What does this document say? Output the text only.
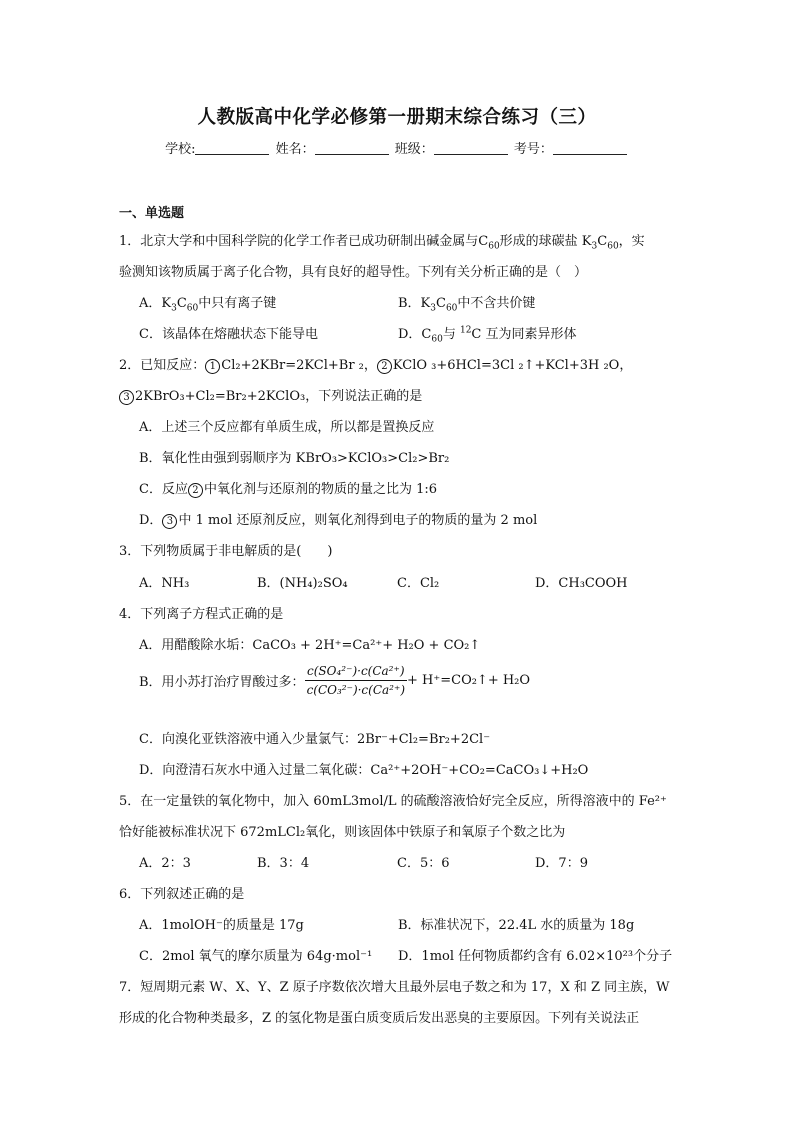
人教版高中化学必修第一册期末综合练习（三）
学校:	姓名：	班级：	考号：
一、单选题
1．北京大学和中国科学院的化学工作者已成功研制出碱金属与$C_{60}$形成的球碳盐 $K_3C_{60}$，实
验测知该物质属于离子化合物，具有良好的超导性。下列有关分析正确的是（　）
A．$K_3C_{60}$中只有离子键	B．$K_3C_{60}$中不含共价键
C．该晶体在熔融状态下能导电	D．$C_{60}$与 $^{12}$C 互为同素异形体
2．已知反应： 1 Cl₂+2KBr=2KCl+Br ₂， 2 KClO ₃+6HCl=3Cl ₂↑+KCl+3H ₂O，
3 2KBrO₃+Cl₂=Br₂+2KClO₃，下列说法正确的是
A．上述三个反应都有单质生成，所以都是置换反应
B．氧化性由强到弱顺序为 KBrO₃>KClO₃>Cl₂>Br₂
C．反应 2 中氧化剂与还原剂的物质的量之比为 1:6
D． 3 中 1 mol 还原剂反应，则氧化剂得到电子的物质的量为 2 mol
3．下列物质属于非电解质的是(　　)
A．NH₃	B．(NH₄)₂SO₄	C．Cl₂	D．CH₃COOH
4．下列离子方程式正确的是
A．用醋酸除水垢：CaCO₃ + 2H⁺=Ca²⁺+ H₂O + CO₂↑
B．用小苏打治疗胃酸过多： $\frac{\text{c(SO₄²⁻)·c(Ca²⁺)}}{\text{c(CO₃²⁻)·c(Ca²⁺)}}$ + H⁺=CO₂↑+ H₂O
C．向溴化亚铁溶液中通入少量氯气：2Br⁻+Cl₂=Br₂+2Cl⁻
D．向澄清石灰水中通入过量二氧化碳：Ca²⁺+2OH⁻+CO₂=CaCO₃↓+H₂O
5．在一定量铁的氧化物中，加入 60mL3mol/L 的硫酸溶液恰好完全反应，所得溶液中的 Fe²⁺
恰好能被标准状况下 672mLCl₂氧化，则该固体中铁原子和氧原子个数之比为
A．2：3	B．3：4	C．5：6	D．7：9
6．下列叙述正确的是
A．1molOH⁻的质量是 17g	B．标准状况下，22.4L 水的质量为 18g
C．2mol 氧气的摩尔质量为 64g·mol⁻¹ D．1mol 任何物质都约含有 6.02×10²³个分子
7．短周期元素 W、X、Y、Z 原子序数依次增大且最外层电子数之和为 17，X 和 Z 同主族，W
形成的化合物种类最多，Z 的氢化物是蛋白质变质后发出恶臭的主要原因。下列有关说法正
